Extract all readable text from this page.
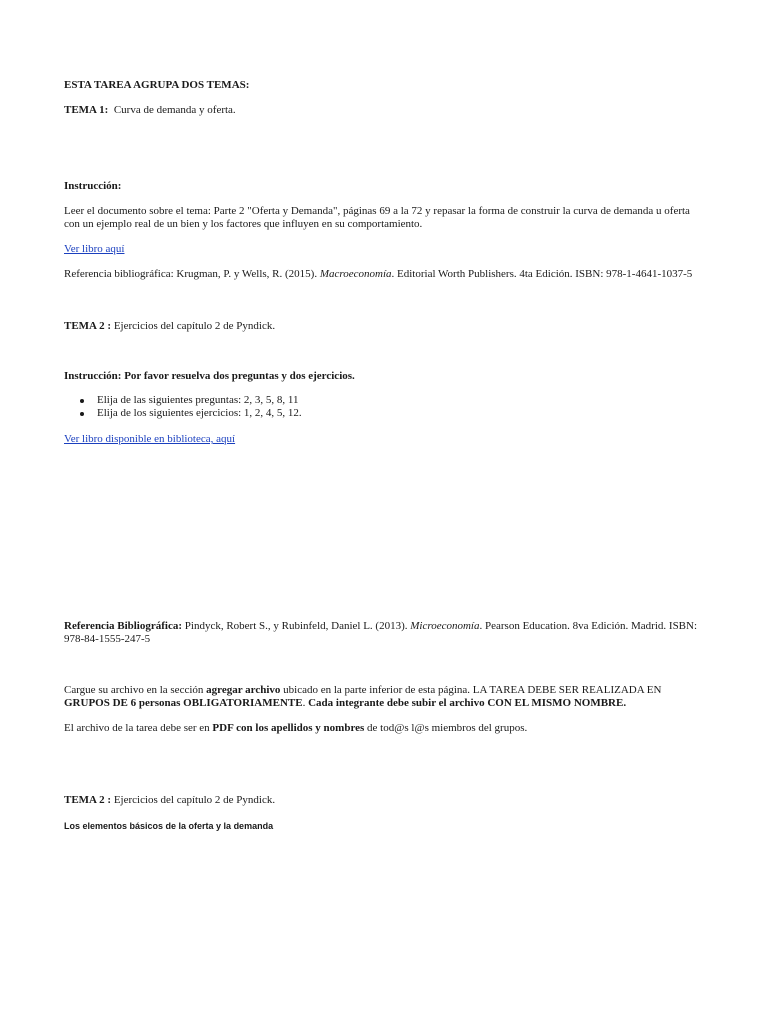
ESTA TAREA AGRUPA DOS TEMAS:
TEMA 1: Curva de demanda y oferta.
Instrucción:
Leer el documento sobre el tema: Parte 2 "Oferta y Demanda", páginas 69 a la 72 y repasar la forma de construir la curva de demanda u oferta
con un ejemplo real de un bien y los factores que influyen en su comportamiento.
Ver libro aquí
Referencia bibliográfica: Krugman, P. y Wells, R. (2015). Macroeconomía. Editorial Worth Publishers. 4ta Edición. ISBN: 978-1-4641-1037-5
TEMA 2 : Ejercicios del capítulo 2 de Pyndick.
Instrucción: Por favor resuelva dos preguntas y dos ejercicios.
Elija de las siguientes preguntas: 2, 3, 5, 8, 11
Elija de los siguientes ejercicios: 1, 2, 4, 5, 12.
Ver libro disponible en biblioteca, aquí
Referencia Bibliográfica: Pindyck, Robert S., y Rubinfeld, Daniel L. (2013). Microeconomía. Pearson Education. 8va Edición. Madrid. ISBN:
978-84-1555-247-5
Cargue su archivo en la sección agregar archivo ubicado en la parte inferior de esta página. LA TAREA DEBE SER REALIZADA EN
GRUPOS DE 6 personas OBLIGATORIAMENTE. Cada integrante debe subir el archivo CON EL MISMO NOMBRE.
El archivo de la tarea debe ser en PDF con los apellidos y nombres de tod@s l@s miembros del grupos.
TEMA 2 : Ejercicios del capítulo 2 de Pyndick.
Los elementos básicos de la oferta y la demanda
